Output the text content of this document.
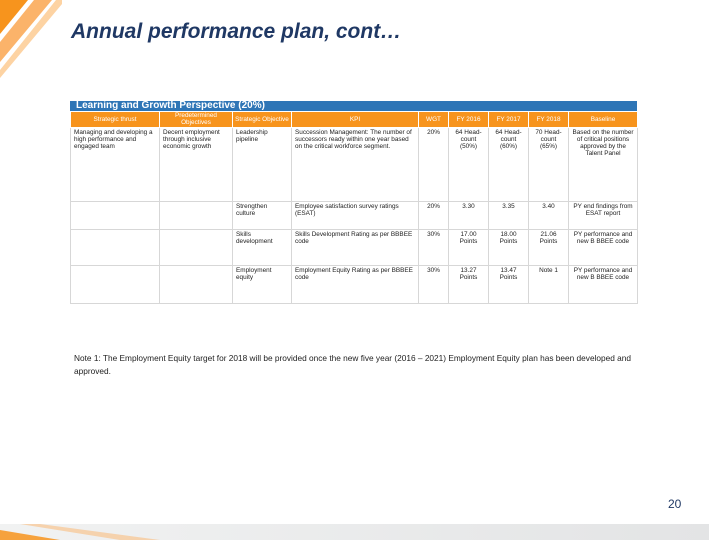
Annual performance plan, cont…
Learning and Growth Perspective (20%)
Strategic thrust	Predetermined Objectives	Strategic Objective	KPI	WGT	FY 2016	FY 2017	FY 2018	Baseline
Managing and developing a high performance and engaged team	Decent employment through inclusive economic growth	Leadership pipeline	Succession Management: The number of successors ready within one year based on the critical workforce segment.	20%	64 Head-count (50%)	64 Head-count (60%)	70 Head-count (65%)	Based on the number of critical positions approved by the Talent Panel
		Strengthen culture	Employee satisfaction survey ratings (ESAT)	20%	3.30	3.35	3.40	PY end findings from ESAT report
		Skills development	Skills Development Rating as per BBBEE code	30%	17.00 Points	18.00 Points	21.06 Points	PY performance and new B BBEE code
		Employment equity	Employment Equity Rating as per BBBEE code	30%	13.27 Points	13.47 Points	Note 1	PY performance and new B BBEE code
Note 1: The Employment Equity target for 2018 will be provided once the new five year (2016 – 2021) Employment Equity plan has been developed and approved.
20
